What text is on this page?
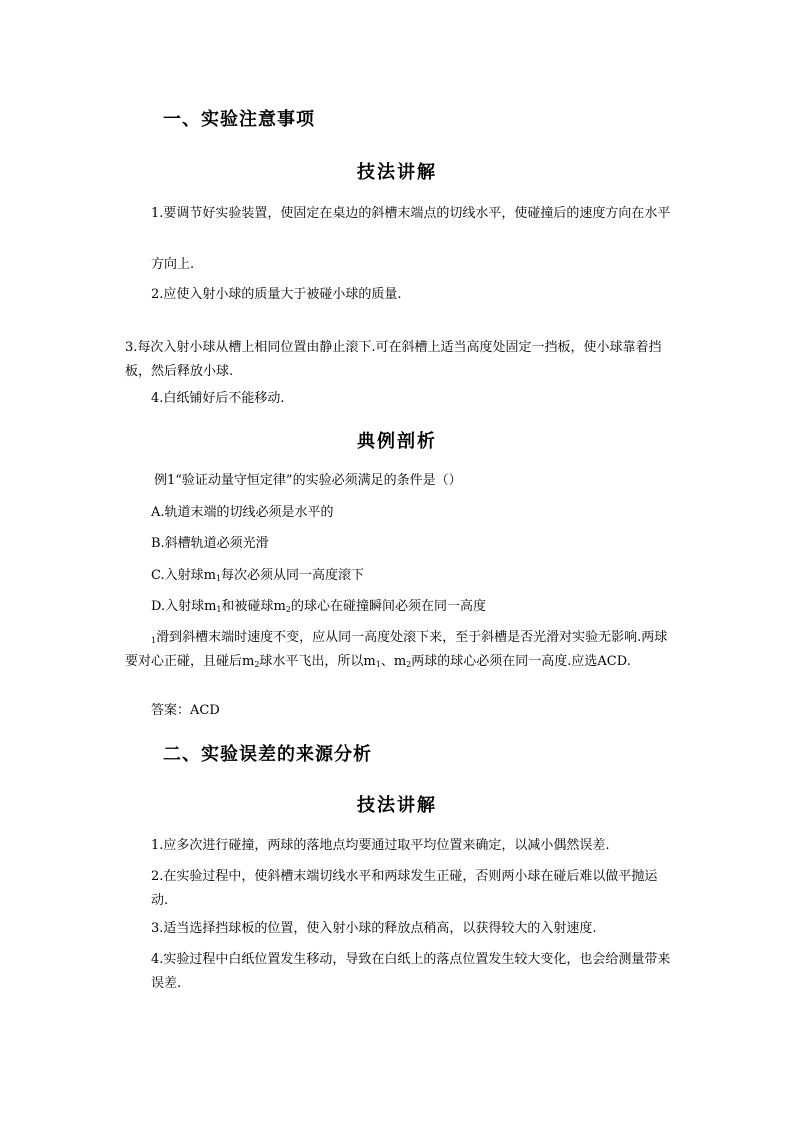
一、实验注意事项
技法讲解
1.要调节好实验装置，使固定在桌边的斜槽末端点的切线水平，使碰撞后的速度方向在水平
方向上.
2.应使入射小球的质量大于被碰小球的质量.
3.每次入射小球从槽上相同位置由静止滚下.可在斜槽上适当高度处固定一挡板，使小球靠着挡板，然后释放小球.
4.白纸铺好后不能移动.
典例剖析
例1“验证动量守恒定律”的实验必须满足的条件是（）
A.轨道末端的切线必须是水平的
B.斜槽轨道必须光滑
C.入射球$m_1$每次必须从同一高度滚下
D.入射球$m_1$和被碰球$m_2$的球心在碰撞瞬间必须在同一高度
$_1$滑到斜槽末端时速度不变，应从同一高度处滚下来，至于斜槽是否光滑对实验无影响.两球要对心正碰，且碰后$m_2$球水平飞出，所以$m_1$、$m_2$两球的球心必须在同一高度.应选ACD.
答案：ACD
二、实验误差的来源分析
技法讲解
1.应多次进行碰撞，两球的落地点均要通过取平均位置来确定，以减小偶然误差.
2.在实验过程中，使斜槽末端切线水平和两球发生正碰，否则两小球在碰后难以做平抛运动.
3.适当选择挡球板的位置，使入射小球的释放点稍高，以获得较大的入射速度.
4.实验过程中白纸位置发生移动，导致在白纸上的落点位置发生较大变化，也会给测量带来误差.
